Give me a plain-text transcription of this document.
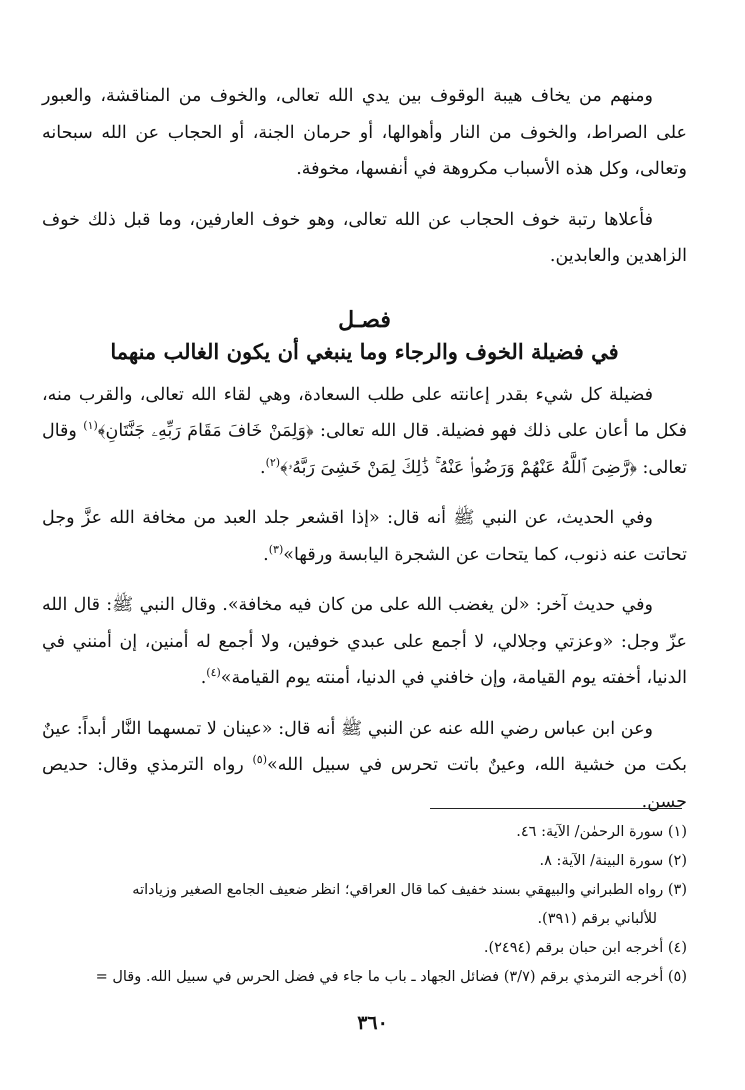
ومنهم من يخاف هيبة الوقوف بين يدي الله تعالى، والخوف من المناقشة، والعبور على الصراط، والخوف من النار وأهوالها، أو حرمان الجنة، أو الحجاب عن الله سبحانه وتعالى، وكل هذه الأسباب مكروهة في أنفسها، مخوفة.

فأعلاها رتبة خوف الحجاب عن الله تعالى، وهو خوف العارفين، وما قبل ذلك خوف الزاهدين والعابدين.

فصـل
في فضيلة الخوف والرجاء وما ينبغي أن يكون الغالب منهما

فضيلة كل شيء بقدر إعانته على طلب السعادة، وهي لقاء الله تعالى، والقرب منه، فكل ما أعان على ذلك فهو فضيلة. قال الله تعالى: ﴿وَلِمَنْ خَافَ مَقَامَ رَبِّهِۦ جَنَّتَانِ﴾$^{(١)}$ وقال تعالى: ﴿رَّضِىَ ٱللَّهُ عَنْهُمْ وَرَضُوا۟ عَنْهُ ۚ ذَٰلِكَ لِمَنْ خَشِىَ رَبَّهُۥ﴾$^{(٢)}$.

وفي الحديث، عن النبي ﷺ أنه قال: «إذا اقشعر جلد العبد من مخافة الله عزَّ وجل تحاتت عنه ذنوب، كما يتحات عن الشجرة اليابسة ورقها»$^{(٣)}$.

وفي حديث آخر: «لن يغضب الله على من كان فيه مخافة». وقال النبي ﷺ: قال الله عزّ وجل: «وعزتي وجلالي، لا أجمع على عبدي خوفين، ولا أجمع له أمنين، إن أمنني في الدنيا، أخفته يوم القيامة، وإن خافني في الدنيا، أمنته يوم القيامة»$^{(٤)}$.

وعن ابن عباس رضي الله عنه عن النبي ﷺ أنه قال: «عينان لا تمسهما النَّار أبداً: عينٌ بكت من خشية الله، وعينٌ باتت تحرس في سبيل الله»$^{(٥)}$ رواه الترمذي وقال: حديص حسن.

(١) سورة الرحمٰن/ الآية: ٤٦.

(٢) سورة البينة/ الآية: ٨.

(٣) رواه الطبراني والبيهقي بسند خفيف كما قال العراقي؛ انظر ضعيف الجامع الصغير وزياداته
للألباني برقم (٣٩١).

(٤) أخرجه ابن حبان برقم (٢٤٩٤).

(٥) أخرجه الترمذي برقم (٣/٧) فضائل الجهاد ـ باب ما جاء في فضل الحرس في سبيل الله. وقال =

٣٦٠
